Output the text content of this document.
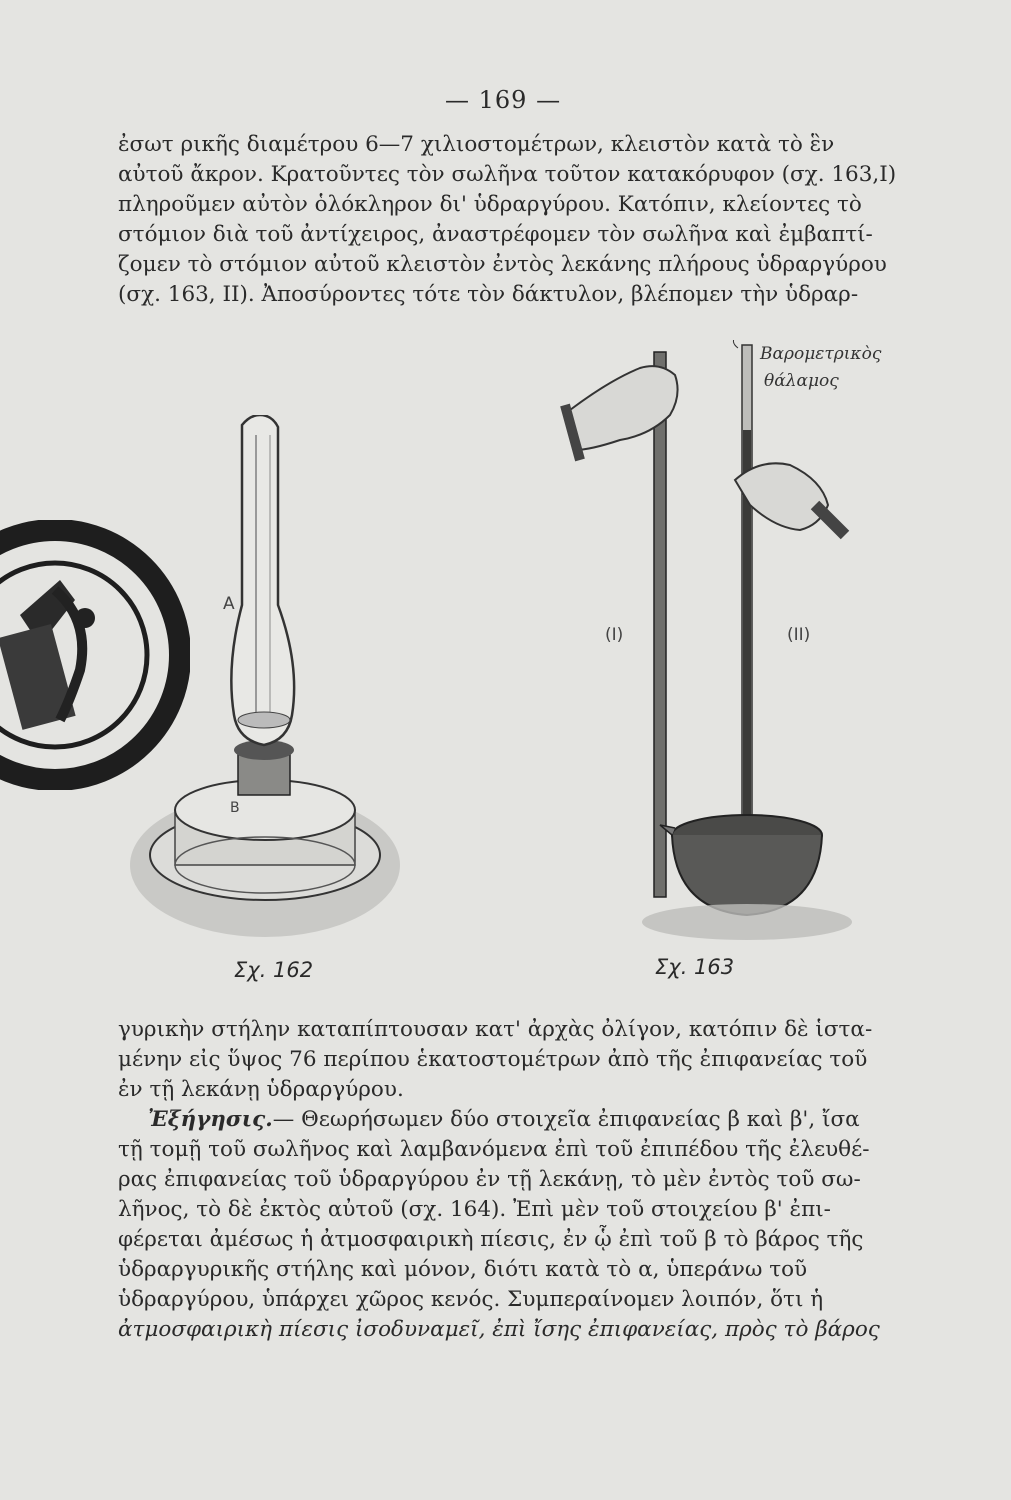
— 169 —
ἐσωτ ρικῆς διαμέτρου 6—7 χιλιοστομέτρων, κλειστὸν κατὰ τὸ ἓν
αὐτοῦ ἄκρον. Κρατοῦντες τὸν σωλῆνα τοῦτον κατακόρυφον (σχ. 163,Ι)
πληροῦμεν αὐτὸν ὁλόκληρον δι' ὑδραργύρου. Κατόπιν, κλείοντες τὸ
στόμιον διὰ τοῦ ἀντίχειρος, ἀναστρέφομεν τὸν σωλῆνα καὶ ἐμβαπτί-
ζομεν τὸ στόμιον αὐτοῦ κλειστὸν ἐντὸς λεκάνης πλήρους ὑδραργύρου
(σχ. 163, ΙΙ). Ἀποσύροντες τότε τὸν δάκτυλον, βλέπομεν τὴν ὑδραρ-
A
B
Σχ. 162
(I)	(II)
Βαρομετρικὸς
θάλαμος
Σχ. 163
γυρικὴν στήλην καταπίπτουσαν κατ' ἀρχὰς ὀλίγον, κατόπιν δὲ ἱστα-
μένην εἰς ὕψος 76 περίπου ἑκατοστομέτρων ἀπὸ τῆς ἐπιφανείας τοῦ
ἐν τῇ λεκάνῃ ὑδραργύρου.
Ἐξήγησις.— Θεωρήσωμεν δύο στοιχεῖα ἐπιφανείας β καὶ β', ἴσα
τῇ τομῇ τοῦ σωλῆνος καὶ λαμβανόμενα ἐπὶ τοῦ ἐπιπέδου τῆς ἐλευθέ-
ρας ἐπιφανείας τοῦ ὑδραργύρου ἐν τῇ λεκάνῃ, τὸ μὲν ἐντὸς τοῦ σω-
λῆνος, τὸ δὲ ἐκτὸς αὐτοῦ (σχ. 164). Ἐπὶ μὲν τοῦ στοιχείου β' ἐπι-
φέρεται ἀμέσως ἡ ἀτμοσφαιρικὴ πίεσις, ἐν ᾧ ἐπὶ τοῦ β τὸ βάρος τῆς
ὑδραργυρικῆς στήλης καὶ μόνον, διότι κατὰ τὸ α, ὑπεράνω τοῦ
ὑδραργύρου, ὑπάρχει χῶρος κενός. Συμπεραίνομεν λοιπόν, ὅτι ἡ
ἀτμοσφαιρικὴ πίεσις ἰσοδυναμεῖ, ἐπὶ ἴσης ἐπιφανείας, πρὸς τὸ βάρος
